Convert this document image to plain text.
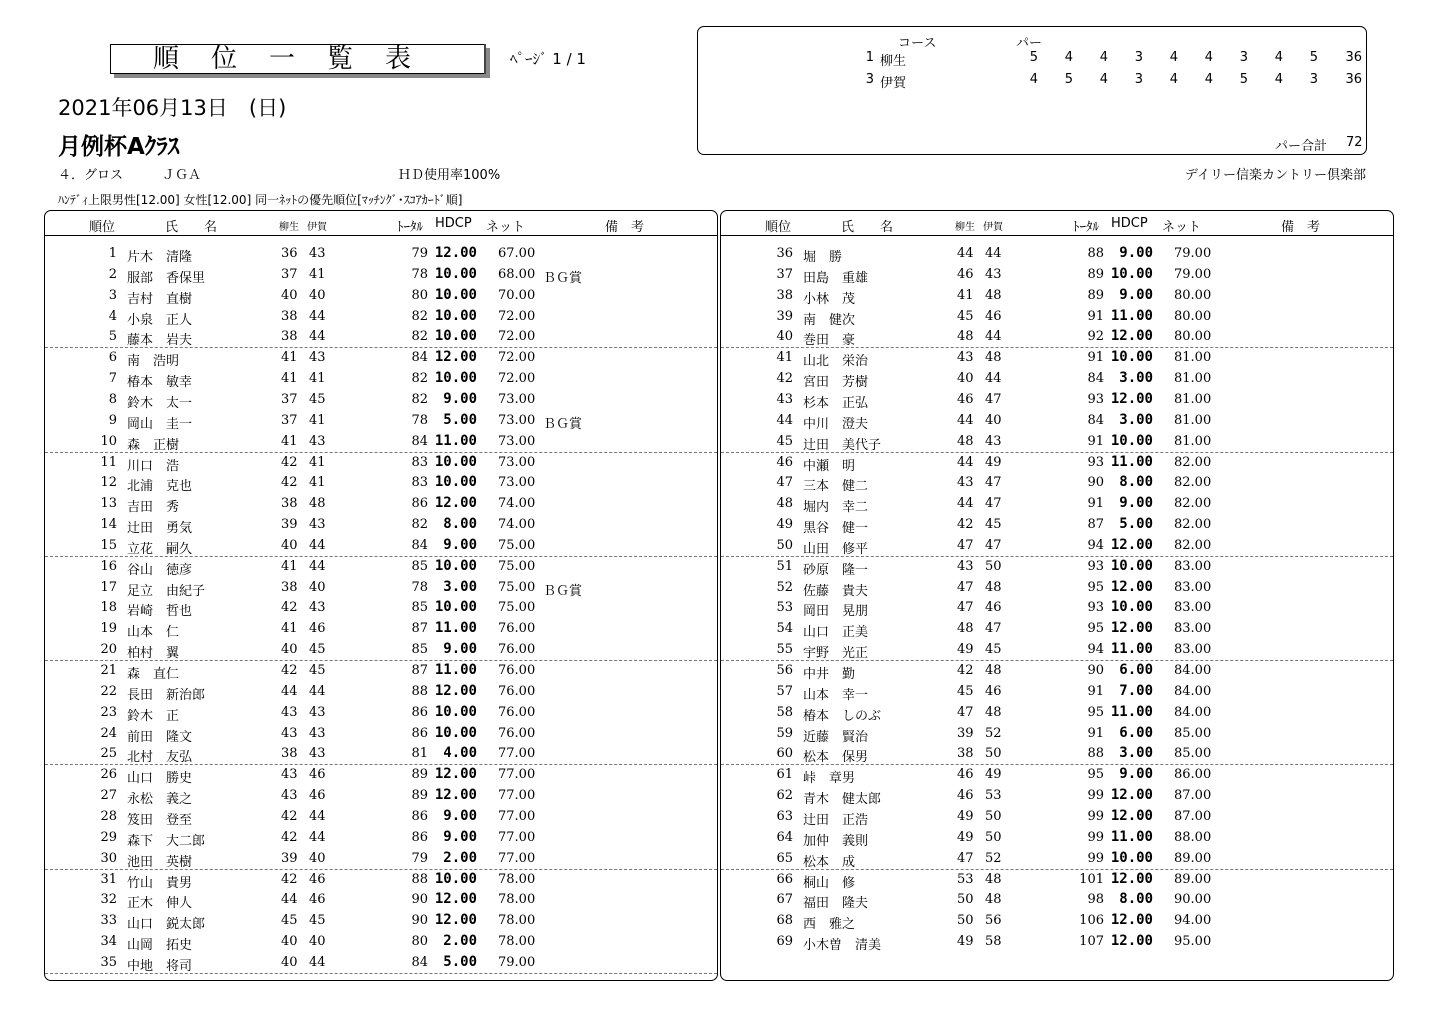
順位一覧表	ﾍﾟｰｼﾞ 1 / 1
2021年06月13日　(日)
月例杯Aｸﾗｽ
４．グロス　　　ＪＧＡ	ＨＤ使用率100%	デイリー信楽カントリー倶楽部
ﾊﾝﾃﾞｨ上限男性[12.00] 女性[12.00] 同一ﾈｯﾄの優先順位[ﾏｯﾁﾝｸﾞ･ｽｺｱｶｰﾄﾞ順]
コース	パー
1 柳生	5	4	4	3	4	4	3	4	5	36
3 伊賀	4	5	4	3	4	4	5	4	3	36
パー合計 72
順位	氏　　名	柳生 伊賀	ﾄｰﾀﾙ HDCP ネット	備　考
1 片木　清隆	36 43	79 12.00 67.00
2 服部　香保里	37 41	78 10.00 68.00 ＢＧ賞
3 吉村　直樹	40 40	80 10.00 70.00
4 小泉　正人	38 44	82 10.00 72.00
5 藤本　岩夫	38 44	82 10.00 72.00
6 南　浩明	41 43	84 12.00 72.00
7 椿本　敏幸	41 41	82 10.00 72.00
8 鈴木　太一	37 45	82	9.00 73.00
9 岡山　圭一	37 41	78	5.00 73.00 ＢＧ賞
10 森　正樹	41 43	84 11.00 73.00
11 川口　浩	42 41	83 10.00 73.00
12 北浦　克也	42 41	83 10.00 73.00
13 吉田　秀	38 48	86 12.00 74.00
14 辻田　勇気	39 43	82	8.00 74.00
15 立花　嗣久	40 44	84	9.00 75.00
16 谷山　徳彦	41 44	85 10.00 75.00
17 足立　由紀子	38 40	78	3.00 75.00 ＢＧ賞
18 岩崎　哲也	42 43	85 10.00 75.00
19 山本　仁	41 46	87 11.00 76.00
20 柏村　翼	40 45	85	9.00 76.00
21 森　直仁	42 45	87 11.00 76.00
22 長田　新治郎	44 44	88 12.00 76.00
23 鈴木　正	43 43	86 10.00 76.00
24 前田　隆文	43 43	86 10.00 76.00
25 北村　友弘	38 43	81	4.00 77.00
26 山口　勝史	43 46	89 12.00 77.00
27 永松　義之	43 46	89 12.00 77.00
28 笈田　登至	42 44	86	9.00 77.00
29 森下　大二郎	42 44	86	9.00 77.00
30 池田　英樹	39 40	79	2.00 77.00
31 竹山　貴男	42 46	88 10.00 78.00
32 正木　伸人	44 46	90 12.00 78.00
33 山口　鋭太郎	45 45	90 12.00 78.00
34 山岡　拓史	40 40	80	2.00 78.00
35 中地　将司	40 44	84	5.00 79.00
順位	氏　　名	柳生 伊賀	ﾄｰﾀﾙ HDCP ネット	備　考
36 堀　勝	44 44	88	9.00 79.00
37 田島　重雄	46 43	89 10.00 79.00
38 小林　茂	41 48	89	9.00 80.00
39 南　健次	45 46	91 11.00 80.00
40 巻田　豪	48 44	92 12.00 80.00
41 山北　栄治	43 48	91 10.00 81.00
42 宮田　芳樹	40 44	84	3.00 81.00
43 杉本　正弘	46 47	93 12.00 81.00
44 中川　澄夫	44 40	84	3.00 81.00
45 辻田　美代子	48 43	91 10.00 81.00
46 中瀬　明	44 49	93 11.00 82.00
47 三本　健二	43 47	90	8.00 82.00
48 堀内　幸二	44 47	91	9.00 82.00
49 黒谷　健一	42 45	87	5.00 82.00
50 山田　修平	47 47	94 12.00 82.00
51 砂原　隆一	43 50	93 10.00 83.00
52 佐藤　貴夫	47 48	95 12.00 83.00
53 岡田　晃朋	47 46	93 10.00 83.00
54 山口　正美	48 47	95 12.00 83.00
55 宇野　光正	49 45	94 11.00 83.00
56 中井　勤	42 48	90	6.00 84.00
57 山本　幸一	45 46	91	7.00 84.00
58 椿本　しのぶ	47 48	95 11.00 84.00
59 近藤　賢治	39 52	91	6.00 85.00
60 松本　保男	38 50	88	3.00 85.00
61 峠　章男	46 49	95	9.00 86.00
62 青木　健太郎	46 53	99 12.00 87.00
63 辻田　正浩	49 50	99 12.00 87.00
64 加仲　義則	49 50	99 11.00 88.00
65 松本　成	47 52	99 10.00 89.00
66 桐山　修	53 48	101 12.00 89.00
67 福田　隆夫	50 48	98	8.00 90.00
68 西　雅之	50 56	106 12.00 94.00
69 小木曽　清美	49 58	107 12.00 95.00
